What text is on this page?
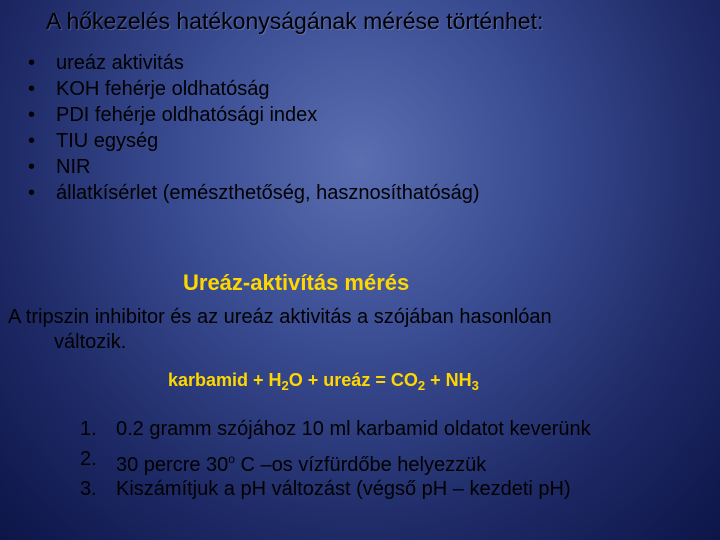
A hőkezelés hatékonyságának mérése történhet:
• ureáz aktivitás
• KOH fehérje oldhatóság
• PDI fehérje oldhatósági index
• TIU egység
• NIR
• állatkísérlet (emészthetőség, hasznosíthatóság)
Ureáz-aktivítás mérés
A tripszin inhibitor és az ureáz aktivitás a szójában hasonlóan
változik.
karbamid + $H_2O$ + ureáz = $CO_2 + NH_3$
1. 0.2 gramm szójához 10 ml karbamid oldatot keverünk
2. 30 percre 30$^o$ C –os vízfürdőbe helyezzük
3. Kiszámítjuk a pH változást (végső pH – kezdeti pH)
